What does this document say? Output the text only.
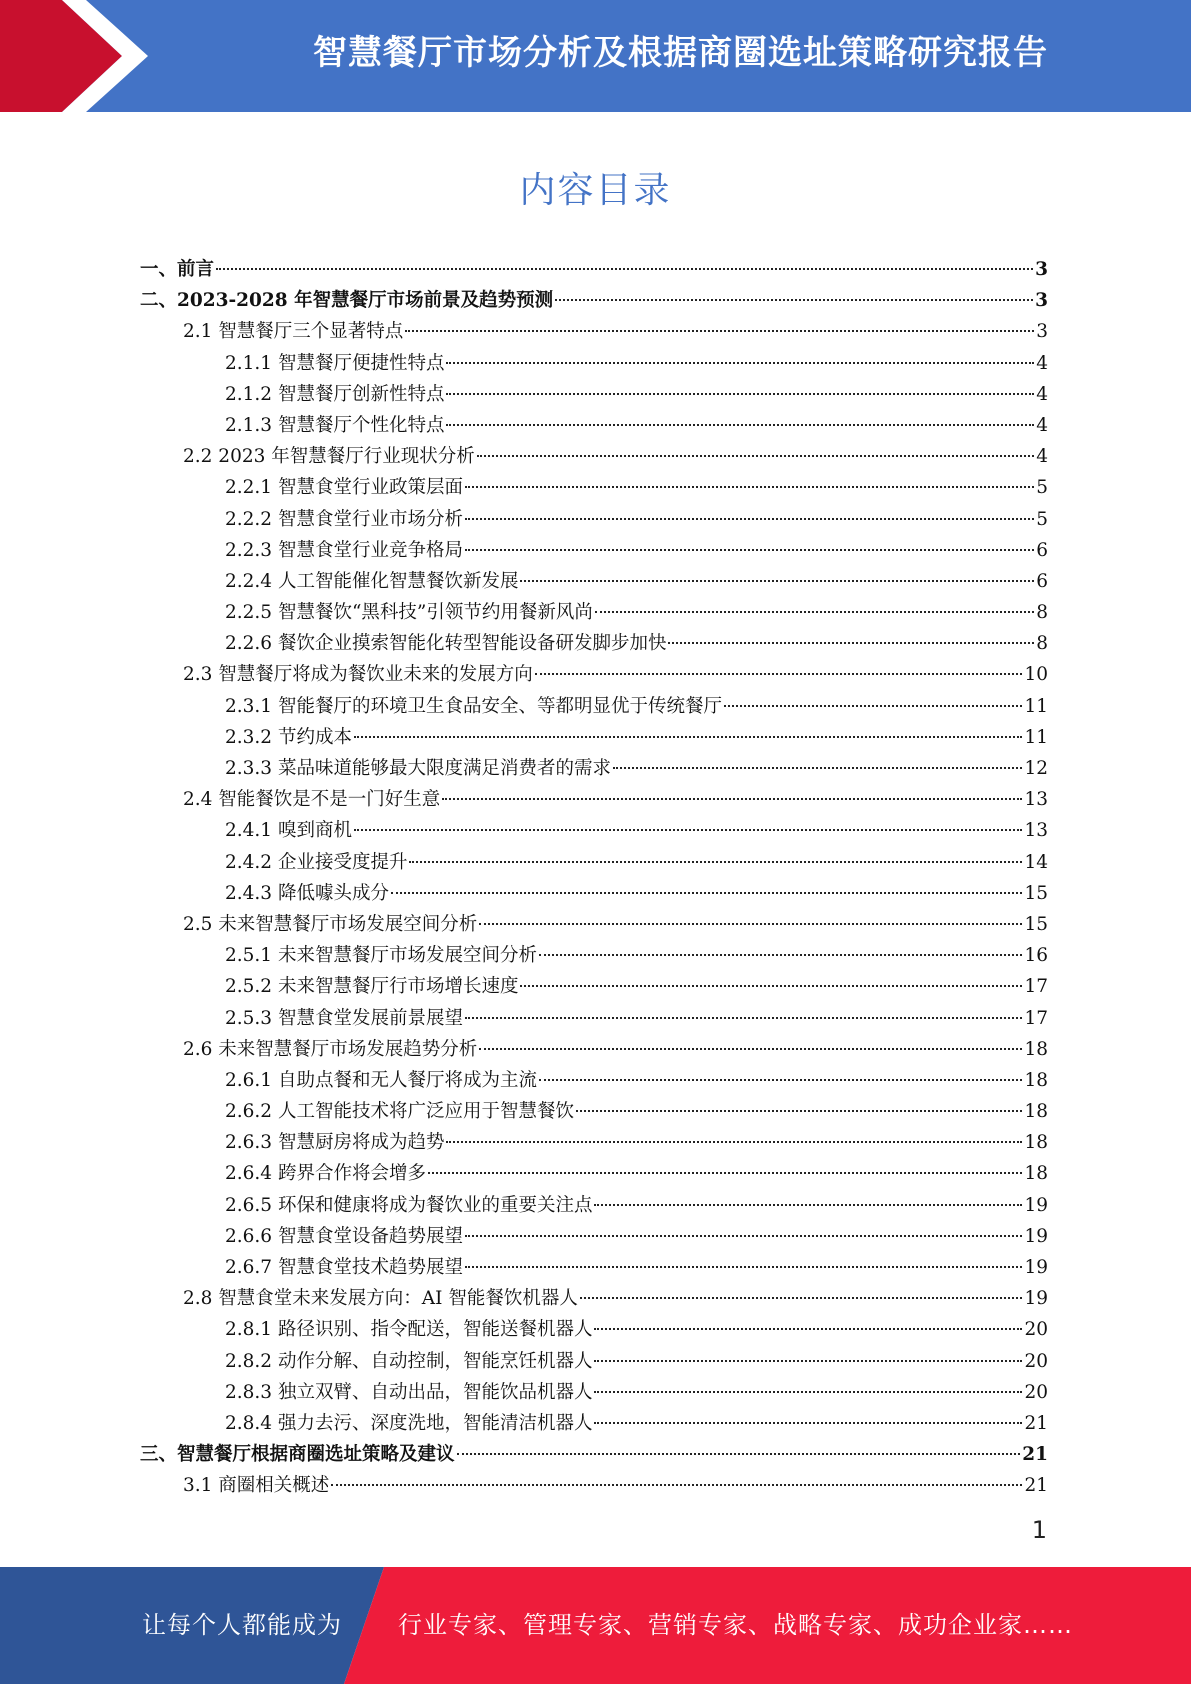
智慧餐厅市场分析及根据商圈选址策略研究报告
内容目录
一、前言	3
二、2023-2028 年智慧餐厅市场前景及趋势预测	3
2.1 智慧餐厅三个显著特点	3
2.1.1 智慧餐厅便捷性特点	4
2.1.2 智慧餐厅创新性特点	4
2.1.3 智慧餐厅个性化特点	4
2.2 2023 年智慧餐厅行业现状分析	4
2.2.1 智慧食堂行业政策层面	5
2.2.2 智慧食堂行业市场分析	5
2.2.3 智慧食堂行业竞争格局	6
2.2.4 人工智能催化智慧餐饮新发展	6
2.2.5 智慧餐饮“黑科技”引领节约用餐新风尚	8
2.2.6 餐饮企业摸索智能化转型智能设备研发脚步加快	8
2.3 智慧餐厅将成为餐饮业未来的发展方向	10
2.3.1 智能餐厅的环境卫生食品安全、等都明显优于传统餐厅	11
2.3.2 节约成本	11
2.3.3 菜品味道能够最大限度满足消费者的需求	12
2.4 智能餐饮是不是一门好生意	13
2.4.1 嗅到商机	13
2.4.2 企业接受度提升	14
2.4.3 降低噱头成分	15
2.5 未来智慧餐厅市场发展空间分析	15
2.5.1 未来智慧餐厅市场发展空间分析	16
2.5.2 未来智慧餐厅行市场增长速度	17
2.5.3 智慧食堂发展前景展望	17
2.6 未来智慧餐厅市场发展趋势分析	18
2.6.1 自助点餐和无人餐厅将成为主流	18
2.6.2 人工智能技术将广泛应用于智慧餐饮	18
2.6.3 智慧厨房将成为趋势	18
2.6.4 跨界合作将会增多	18
2.6.5 环保和健康将成为餐饮业的重要关注点	19
2.6.6 智慧食堂设备趋势展望	19
2.6.7 智慧食堂技术趋势展望	19
2.8 智慧食堂未来发展方向：AI 智能餐饮机器人	19
2.8.1 路径识别、指令配送，智能送餐机器人	20
2.8.2 动作分解、自动控制，智能烹饪机器人	20
2.8.3 独立双臂、自动出品，智能饮品机器人	20
2.8.4 强力去污、深度洗地，智能清洁机器人	21
三、智慧餐厅根据商圈选址策略及建议	21
3.1 商圈相关概述	21
1
让每个人都能成为 行业专家、管理专家、营销专家、战略专家、成功企业家……
